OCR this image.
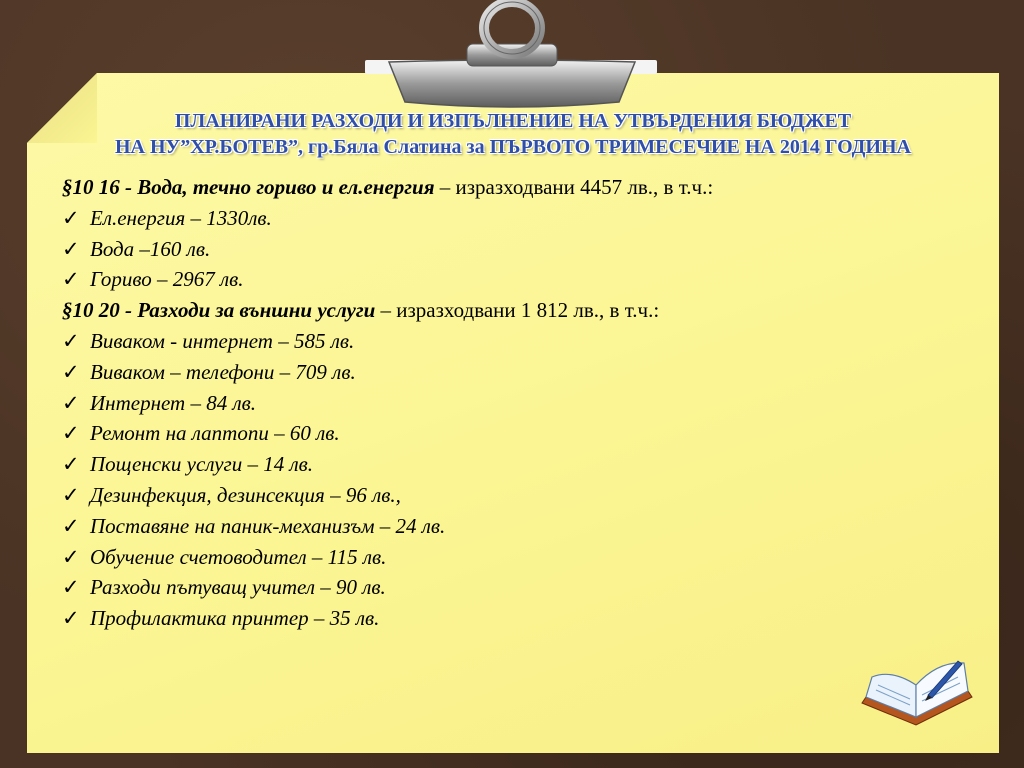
ПЛАНИРАНИ РАЗХОДИ И ИЗПЪЛНЕНИЕ НА УТВЪРДЕНИЯ БЮДЖЕТ
НА НУ”ХР.БОТЕВ”, гр.Бяла Слатина за ПЪРВОТО ТРИМЕСЕЧИЕ НА 2014 ГОДИНА
§10 16 - Вода, течно гориво и ел.енергия – изразходвани 4457 лв., в т.ч.:
✓ Ел.енергия – 1330лв.
✓ Вода –160 лв.
✓ Гориво – 2967 лв.
§10 20 - Разходи за външни услуги – изразходвани 1 812 лв., в т.ч.:
✓ Виваком - интернет – 585 лв.
✓ Виваком – телефони – 709 лв.
✓ Интернет – 84 лв.
✓ Ремонт на лаптопи – 60 лв.
✓ Пощенски услуги – 14 лв.
✓ Дезинфекция, дезинсекция – 96 лв.,
✓ Поставяне на паник-механизъм – 24 лв.
✓ Обучение счетоводител – 115 лв.
✓ Разходи пътуващ учител – 90 лв.
✓ Профилактика принтер – 35 лв.
